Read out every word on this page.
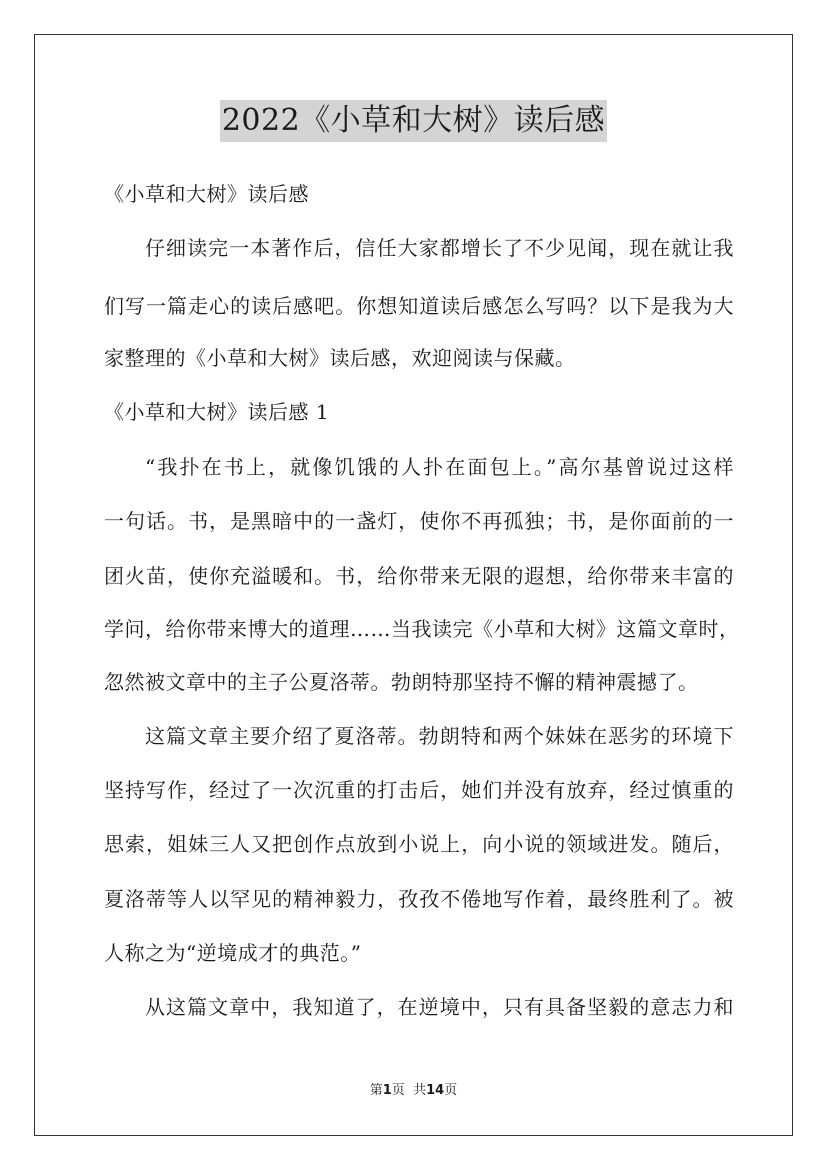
2022《小草和大树》读后感
《小草和大树》读后感
仔细读完一本著作后，信任大家都增长了不少见闻，现在就让我
们写一篇走心的读后感吧。你想知道读后感怎么写吗？以下是我为大
家整理的《小草和大树》读后感，欢迎阅读与保藏。
《小草和大树》读后感 1
“我扑在书上，就像饥饿的人扑在面包上。”高尔基曾说过这样
一句话。书，是黑暗中的一盏灯，使你不再孤独；书，是你面前的一
团火苗，使你充溢暖和。书，给你带来无限的遐想，给你带来丰富的
学问，给你带来博大的道理……当我读完《小草和大树》这篇文章时，
忽然被文章中的主子公夏洛蒂。勃朗特那坚持不懈的精神震撼了。
这篇文章主要介绍了夏洛蒂。勃朗特和两个妹妹在恶劣的环境下
坚持写作，经过了一次沉重的打击后，她们并没有放弃，经过慎重的
思索，姐妹三人又把创作点放到小说上，向小说的领域进发。随后，
夏洛蒂等人以罕见的精神毅力，孜孜不倦地写作着，最终胜利了。被
人称之为“逆境成才的典范。”
从这篇文章中，我知道了，在逆境中，只有具备坚毅的意志力和
第1页 共14页
